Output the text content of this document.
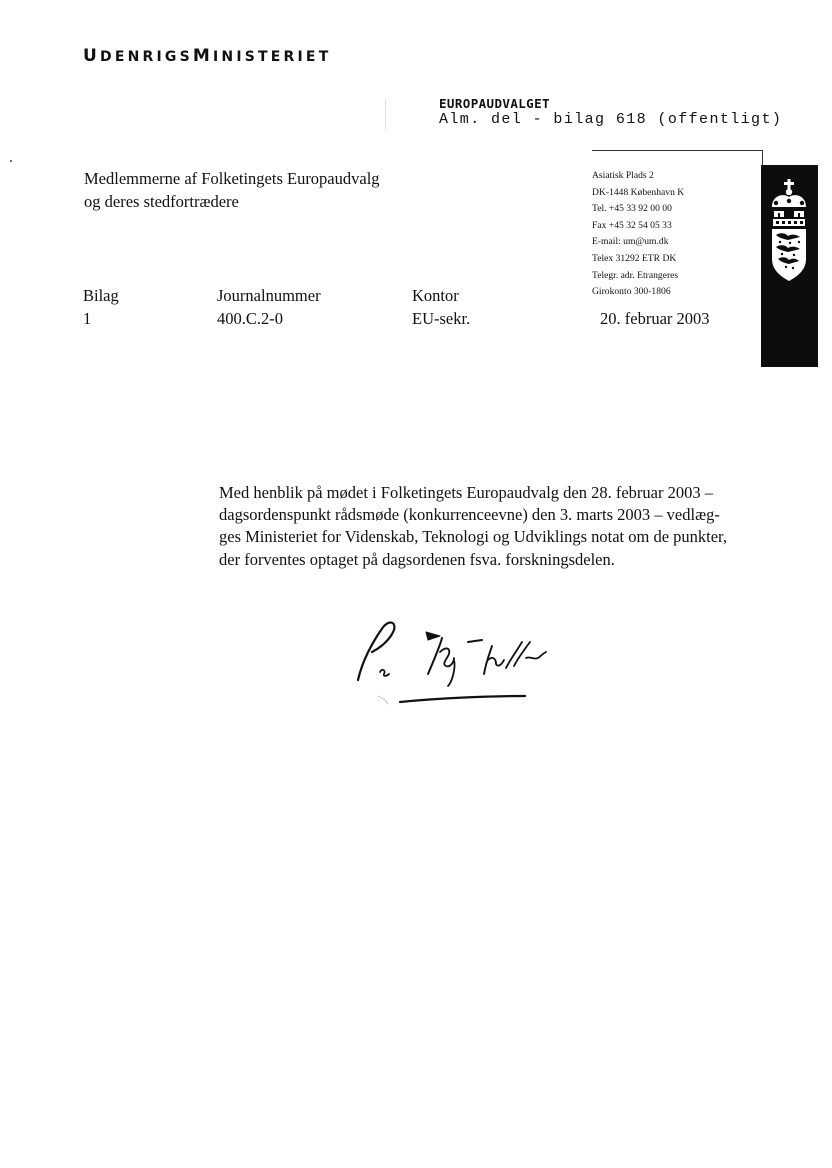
UDENRIGSMINISTERIET
EUROPAUDVALGET
Alm. del - bilag 618 (offentligt)
Medlemmerne af Folketingets Europaudvalg
og deres stedfortrædere
Asiatisk Plads 2
DK-1448 København K
Tel. +45 33 92 00 00
Fax +45 32 54 05 33
E-mail: um@um.dk
Telex 31292 ETR DK
Telegr. adr. Etrangeres
Girokonto 300-1806
Bilag
1
Journalnummer
400.C.2-0
Kontor
EU-sekr.	20. februar 2003
Med henblik på mødet i Folketingets Europaudvalg den 28. februar 2003 –
dagsordenspunkt rådsmøde (konkurrenceevne) den 3. marts 2003 – vedlæg-
ges Ministeriet for Videnskab, Teknologi og Udviklings notat om de punkter,
der forventes optaget på dagsordenen fsva. forskningsdelen.
